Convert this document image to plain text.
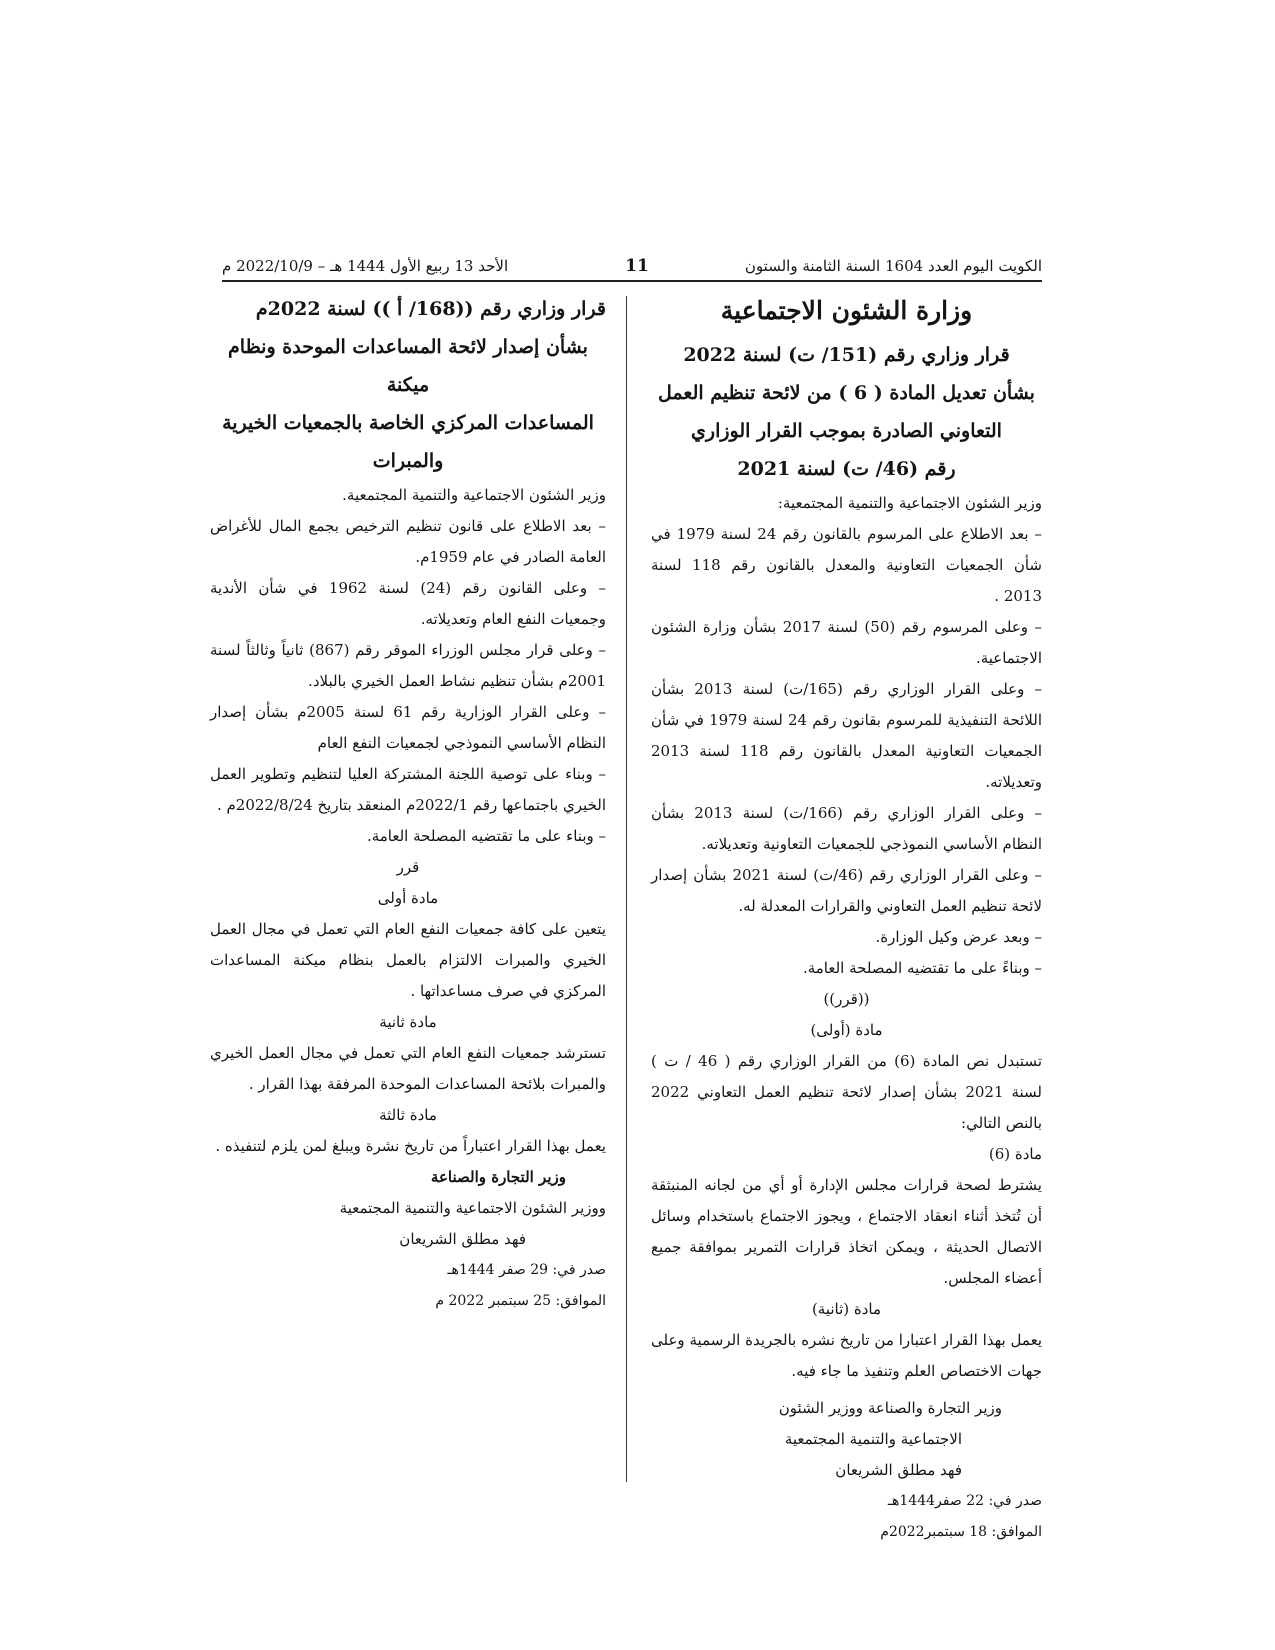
الكويت اليوم العدد 1604 السنة الثامنة والستون
11
الأحد 13 ربيع الأول 1444 هـ – 2022/10/9 م
وزارة الشئون الاجتماعية
قرار وزاري رقم (151/ ت) لسنة 2022
بشأن تعديل المادة ( 6 ) من لائحة تنظيم العمل
التعاوني الصادرة بموجب القرار الوزاري
رقم (46/ ت) لسنة 2021

وزير الشئون الاجتماعية والتنمية المجتمعية:

– بعد الاطلاع على المرسوم بالقانون رقم 24 لسنة 1979 في شأن الجمعيات التعاونية والمعدل بالقانون رقم 118 لسنة 2013 .

– وعلى المرسوم رقم (50) لسنة 2017 بشأن وزارة الشئون الاجتماعية.

– وعلى القرار الوزاري رقم (165/ت) لسنة 2013 بشأن اللائحة التنفيذية للمرسوم بقانون رقم 24 لسنة 1979 في شأن الجمعيات التعاونية المعدل بالقانون رقم 118 لسنة 2013 وتعديلاته.

– وعلى القرار الوزاري رقم (166/ت) لسنة 2013 بشأن النظام الأساسي النموذجي للجمعيات التعاونية وتعديلاته.

– وعلى القرار الوزاري رقم (46/ت) لسنة 2021 بشأن إصدار لائحة تنظيم العمل التعاوني والقرارات المعدلة له.

– وبعد عرض وكيل الوزارة.

– وبناءً على ما تقتضيه المصلحة العامة.

((قرر))

مادة (أولى)

تستبدل نص المادة (6) من القرار الوزاري رقم ( 46 / ت ) لسنة 2021 بشأن إصدار لائحة تنظيم العمل التعاوني 2022 بالنص التالي:

مادة (6)

يشترط لصحة قرارات مجلس الإدارة أو أي من لجانه المنبثقة أن تُتخذ أثناء انعقاد الاجتماع ، ويجوز الاجتماع باستخدام وسائل الاتصال الحديثة ، ويمكن اتخاذ قرارات التمرير بموافقة جميع أعضاء المجلس.

مادة (ثانية)

يعمل بهذا القرار اعتبارا من تاريخ نشره بالجريدة الرسمية وعلى جهات الاختصاص العلم وتنفيذ ما جاء فيه.

وزير التجارة والصناعة ووزير الشئون

الاجتماعية والتنمية المجتمعية

فهد مطلق الشريعان

صدر في: 22 صفر1444هـ

الموافق: 18 سبتمبر2022م

قرار وزاري رقم ((168/ أ )) لسنة 2022م
بشأن إصدار لائحة المساعدات الموحدة ونظام ميكنة
المساعدات المركزي الخاصة بالجمعيات الخيرية
والمبرات

وزير الشئون الاجتماعية والتنمية المجتمعية.

– بعد الاطلاع على قانون تنظيم الترخيص بجمع المال للأغراض العامة الصادر في عام 1959م.

– وعلى القانون رقم (24) لسنة 1962 في شأن الأندية وجمعيات النفع العام وتعديلاته.

– وعلى قرار مجلس الوزراء الموقر رقم (867) ثانياً وثالثاً لسنة 2001م بشأن تنظيم نشاط العمل الخيري بالبلاد.

– وعلى القرار الوزارية رقم 61 لسنة 2005م بشأن إصدار النظام الأساسي النموذجي لجمعيات النفع العام

– وبناء على توصية اللجنة المشتركة العليا لتنظيم وتطوير العمل الخيري باجتماعها رقم 2022/1م المنعقد بتاريخ 2022/8/24م .

– وبناء على ما تقتضيه المصلحة العامة.

قرر

مادة أولى

يتعين على كافة جمعيات النفع العام التي تعمل في مجال العمل الخيري والمبرات الالتزام بالعمل بنظام ميكنة المساعدات المركزي في صرف مساعداتها .

مادة ثانية

تسترشد جمعيات النفع العام التي تعمل في مجال العمل الخيري والمبرات بلائحة المساعدات الموحدة المرفقة بهذا القرار .

مادة ثالثة

يعمل بهذا القرار اعتباراً من تاريخ نشرة ويبلغ لمن يلزم لتنفيذه .

وزير التجارة والصناعة

ووزير الشئون الاجتماعية والتنمية المجتمعية

فهد مطلق الشريعان

صدر في: 29 صفر 1444هـ

الموافق: 25 سبتمبر 2022 م
